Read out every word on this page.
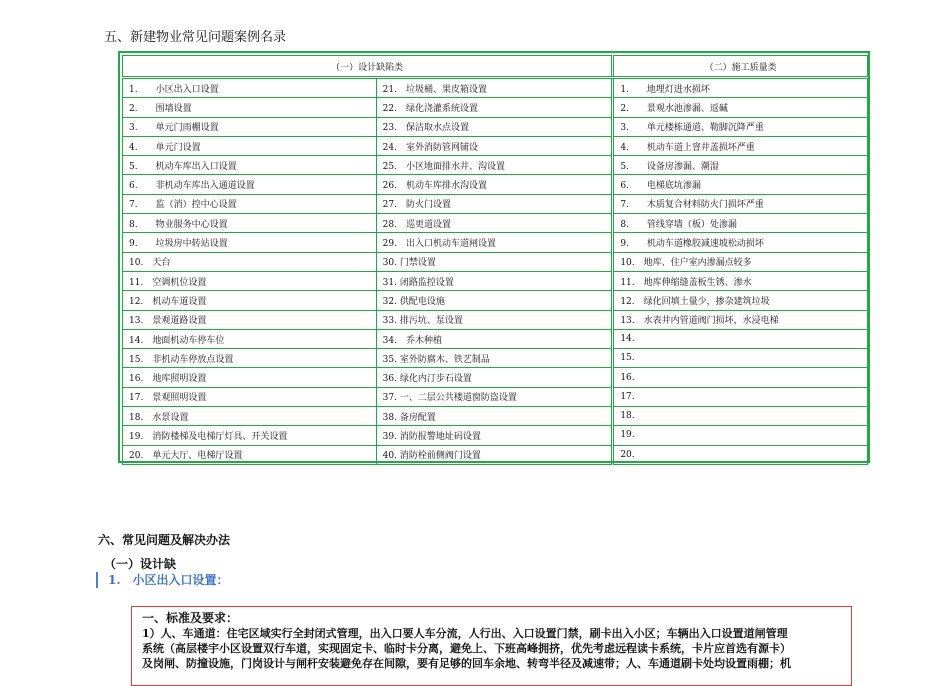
五、新建物业常见问题案例名录
（一）设计缺陷类		（二）施工质量类
1.　　小区出入口设置	21.　垃圾桶、果皮箱设置	1.　　地埋灯进水损坏
2.　　围墙设置	22.　绿化浇灌系统设置	2.　　景观水池渗漏、返碱
3.　　单元门雨棚设置	23.　保洁取水点设置	3.　　单元楼栋通道、勒脚沉降严重
4.　　单元门设置	24.　室外消防管网铺设	4.　　机动车道上窨井盖损坏严重
5.　　机动车库出入口设置	25.　小区地面排水井、沟设置	5.　　设备房渗漏、潮湿
6.　　非机动车库出入通道设置	26.　机动车库排水沟设置	6.　　电梯底坑渗漏
7.　　监（消）控中心设置	27.　防火门设置	7.　　木质复合材料防火门损坏严重
8.　　物业服务中心设置	28.　巡更道设置	8.　　管线穿墙（板）处渗漏
9.　　垃圾房中转站设置	29.　出入口机动车道闸设置	9.　　机动车道橡胶减速坡松动损坏
10.　天台	30. 门禁设置	10.　地库、住户室内渗漏点较多
11.　空调机位设置	31. 闭路监控设置	11.　地库伸缩缝盖板生锈、渗水
12.　机动车道设置	32. 供配电设施	12.　绿化回填土量少，掺杂建筑垃圾
13.　景观道路设置	33. 排污坑、泵设置	13.　水表井内管道阀门损坏，水浸电梯
14.　地面机动车停车位	34.　乔木种植	14.
15.　非机动车停放点设置	35. 室外防腐木、铁艺制品	15.
16.　地库照明设置	36. 绿化内汀步石设置	16.
17.　景观照明设置	37. 一、二层公共楼道窗防盗设置	17.
18.　水景设置	38. 备房配置	18.
19.　消防楼梯及电梯厅灯具、开关设置	39. 消防报警地址码设置	19.
20.　单元大厅、电梯厅设置	40. 消防栓前侧阀门设置	20.
六、常见问题及解决办法
（一）设计缺
1. 小区出入口设置：
一、标准及要求：
1）人、车通道：住宅区域实行全封闭式管理，出入口要人车分流，人行出、入口设置门禁，刷卡出入小区；车辆出入口设置道闸管理
系统（高层楼宇小区设置双行车道，实现固定卡、临时卡分离，避免上、下班高峰拥挤，优先考虑远程读卡系统，卡片应首选有源卡）
及岗闸、防撞设施，门岗设计与闸杆安装避免存在间隙，要有足够的回车余地、转弯半径及减速带；人、车通道刷卡处均设置雨棚；机
